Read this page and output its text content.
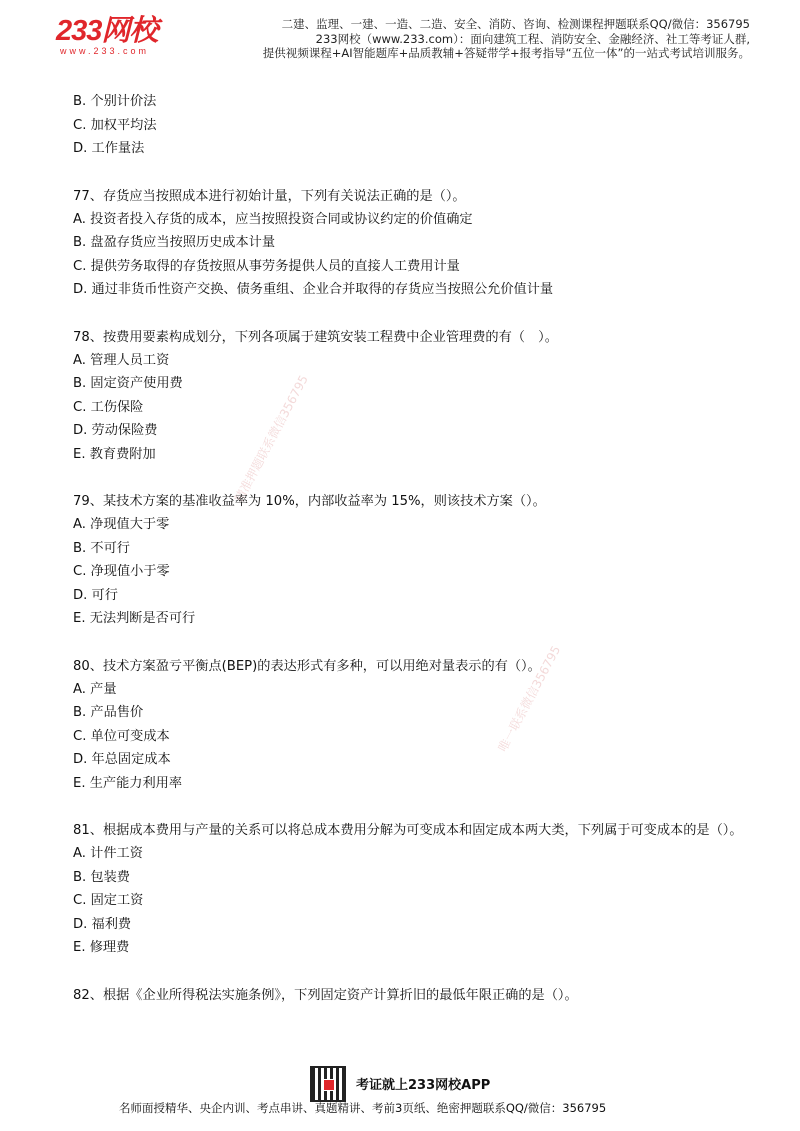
233网校
www.233.com
二建、监理、一建、一造、二造、安全、消防、咨询、检测课程押题联系QQ/微信：356795
233网校（www.233.com）：面向建筑工程、消防安全、金融经济、社工等考证人群,
提供视频课程+AI智能题库+品质教辅+答疑带学+报考指导“五位一体”的一站式考试培训服务。
精准押题联系微信356795
唯一联系微信356795

B. 个别计价法

C. 加权平均法

D. 工作量法

77、存货应当按照成本进行初始计量，下列有关说法正确的是（）。

A. 投资者投入存货的成本，应当按照投资合同或协议约定的价值确定

B. 盘盈存货应当按照历史成本计量

C. 提供劳务取得的存货按照从事劳务提供人员的直接人工费用计量

D. 通过非货币性资产交换、债务重组、企业合并取得的存货应当按照公允价值计量

78、按费用要素构成划分，下列各项属于建筑安装工程费中企业管理费的有（　）。

A. 管理人员工资

B. 固定资产使用费

C. 工伤保险

D. 劳动保险费

E. 教育费附加

79、某技术方案的基准收益率为 10%，内部收益率为 15%，则该技术方案（）。

A. 净现值大于零

B. 不可行

C. 净现值小于零

D. 可行

E. 无法判断是否可行

80、技术方案盈亏平衡点(BEP)的表达形式有多种，可以用绝对量表示的有（）。

A. 产量

B. 产品售价

C. 单位可变成本

D. 年总固定成本

E. 生产能力利用率

81、根据成本费用与产量的关系可以将总成本费用分解为可变成本和固定成本两大类，下列属于可变成本的是（）。

A. 计件工资

B. 包装费

C. 固定工资

D. 福利费

E. 修理费

82、根据《企业所得税法实施条例》，下列固定资产计算折旧的最低年限正确的是（）。

考证就上233网校APP
名师面授精华、央企内训、考点串讲、真题精讲、考前3页纸、绝密押题联系QQ/微信：356795
